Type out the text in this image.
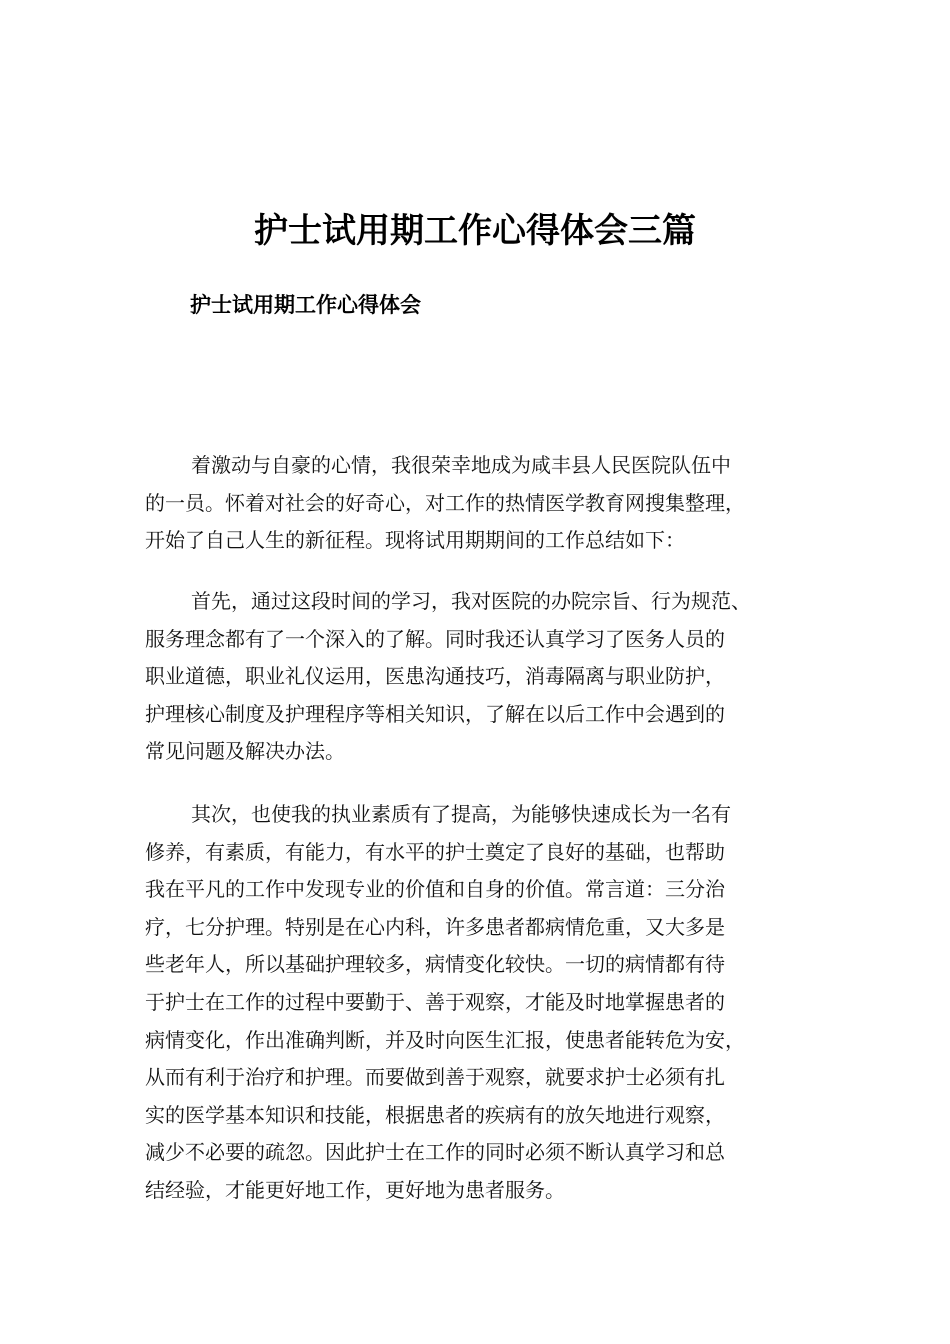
护士试用期工作心得体会三篇
护士试用期工作心得体会
着激动与自豪的心情，我很荣幸地成为咸丰县人民医院队伍中
的一员。怀着对社会的好奇心，对工作的热情医学教育网搜集整理，
开始了自己人生的新征程。现将试用期期间的工作总结如下：
首先，通过这段时间的学习，我对医院的办院宗旨、行为规范、
服务理念都有了一个深入的了解。同时我还认真学习了医务人员的
职业道德，职业礼仪运用，医患沟通技巧，消毒隔离与职业防护，
护理核心制度及护理程序等相关知识，了解在以后工作中会遇到的
常见问题及解决办法。
其次，也使我的执业素质有了提高，为能够快速成长为一名有
修养，有素质，有能力，有水平的护士奠定了良好的基础，也帮助
我在平凡的工作中发现专业的价值和自身的价值。常言道：三分治
疗，七分护理。特别是在心内科，许多患者都病情危重，又大多是
些老年人，所以基础护理较多，病情变化较快。一切的病情都有待
于护士在工作的过程中要勤于、善于观察，才能及时地掌握患者的
病情变化，作出准确判断，并及时向医生汇报，使患者能转危为安，
从而有利于治疗和护理。而要做到善于观察，就要求护士必须有扎
实的医学基本知识和技能，根据患者的疾病有的放矢地进行观察，
减少不必要的疏忽。因此护士在工作的同时必须不断认真学习和总
结经验，才能更好地工作，更好地为患者服务。
